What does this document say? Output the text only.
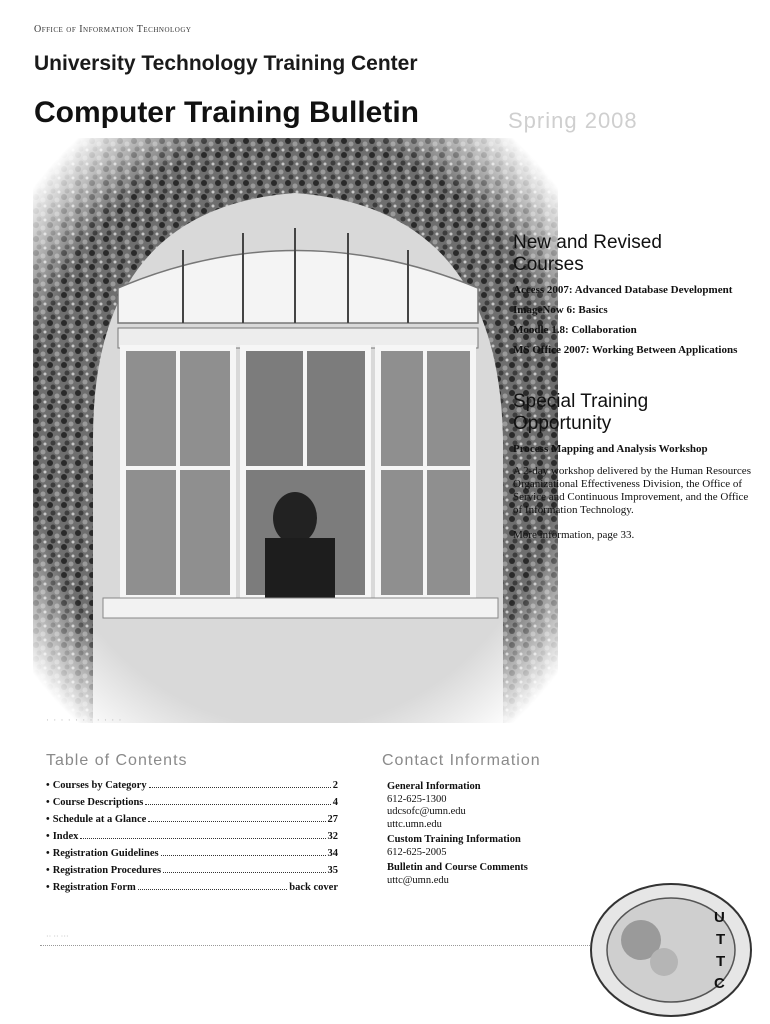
Office of Information Technology
University Technology Training Center
Computer Training Bulletin	Spring 2008
New and Revised
Courses
Access 2007: Advanced Database Development
ImageNow 6: Basics
Moodle 1.8: Collaboration
MS Office 2007: Working Between Applications
Special Training
Opportunity
Process Mapping and Analysis Workshop
A 2-day workshop delivered by the Human Resources Organizational Effectiveness Division, the Office of Service and Continuous Improvement, and the Office of Information Technology.
More information, page 33.
· · · · · · · · · · ·
Table of Contents
• Courses by Category	2
• Course Descriptions	4
• Schedule at a Glance	27
• Index	32
• Registration Guidelines	34
• Registration Procedures	35
• Registration Form	back cover
Contact Information
General Information
612-625-1300
udcsofc@umn.edu
uttc.umn.edu
Custom Training Information
612-625-2005
Bulletin and Course Comments
uttc@umn.edu
·· ·· ···
U
T
T
C
